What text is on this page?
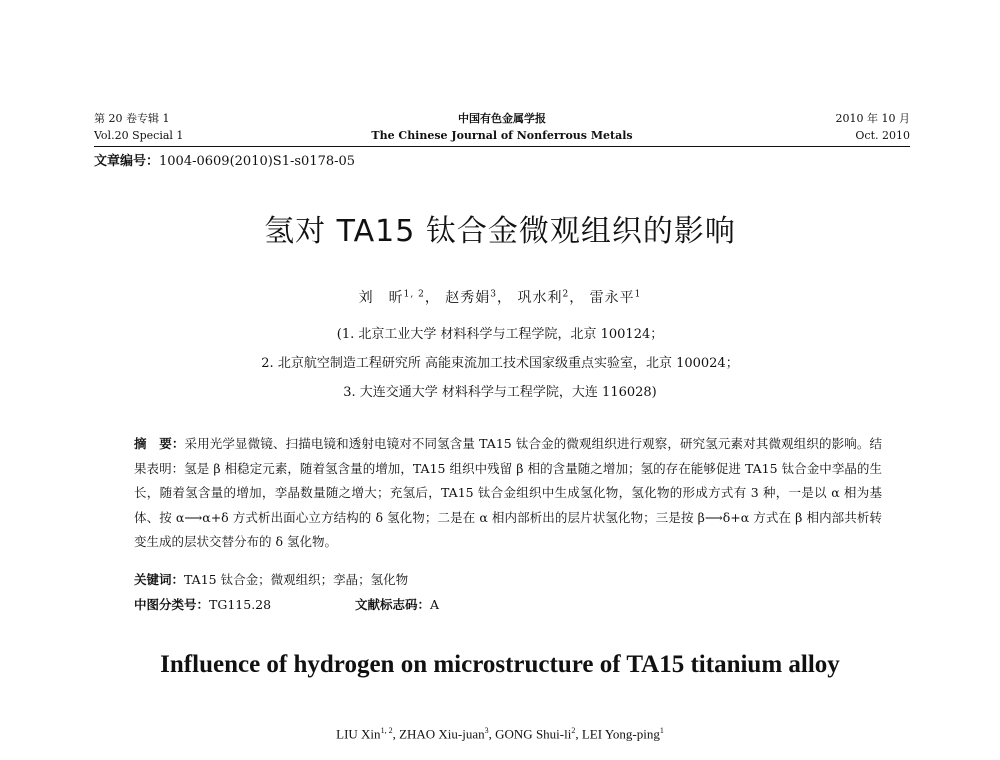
第 20 卷专辑 1
Vol.20 Special 1
中国有色金属学报
The Chinese Journal of Nonferrous Metals
2010 年 10 月
Oct. 2010
文章编号：1004-0609(2010)S1-s0178-05
氢对 TA15 钛合金微观组织的影响
刘　昕$^{1, 2}$， 赵秀娟$^3$， 巩水利$^2$， 雷永平$^1$
(1. 北京工业大学 材料科学与工程学院，北京 100124；
2. 北京航空制造工程研究所 高能束流加工技术国家级重点实验室，北京 100024；
3. 大连交通大学 材料科学与工程学院，大连 116028)
摘　要：采用光学显微镜、扫描电镜和透射电镜对不同氢含量 TA15 钛合金的微观组织进行观察，研究氢元素对其微观组织的影响。结果表明：氢是 β 相稳定元素，随着氢含量的增加，TA15 组织中残留 β 相的含量随之增加；氢的存在能够促进 TA15 钛合金中孪晶的生长，随着氢含量的增加，孪晶数量随之增大；充氢后，TA15 钛合金组织中生成氢化物，氢化物的形成方式有 3 种，一是以 α 相为基体、按 α⟶α+δ 方式析出面心立方结构的 δ 氢化物；二是在 α 相内部析出的层片状氢化物；三是按 β⟶δ+α 方式在 β 相内部共析转变生成的层状交替分布的 δ 氢化物。
关键词：TA15 钛合金；微观组织；孪晶；氢化物
中图分类号：TG115.28	文献标志码：A
Influence of hydrogen on microstructure of TA15 titanium alloy
LIU Xin$^{1, 2}$, ZHAO Xiu-juan$^3$, GONG Shui-$li^2$, LEI Yong-ping$^1$
